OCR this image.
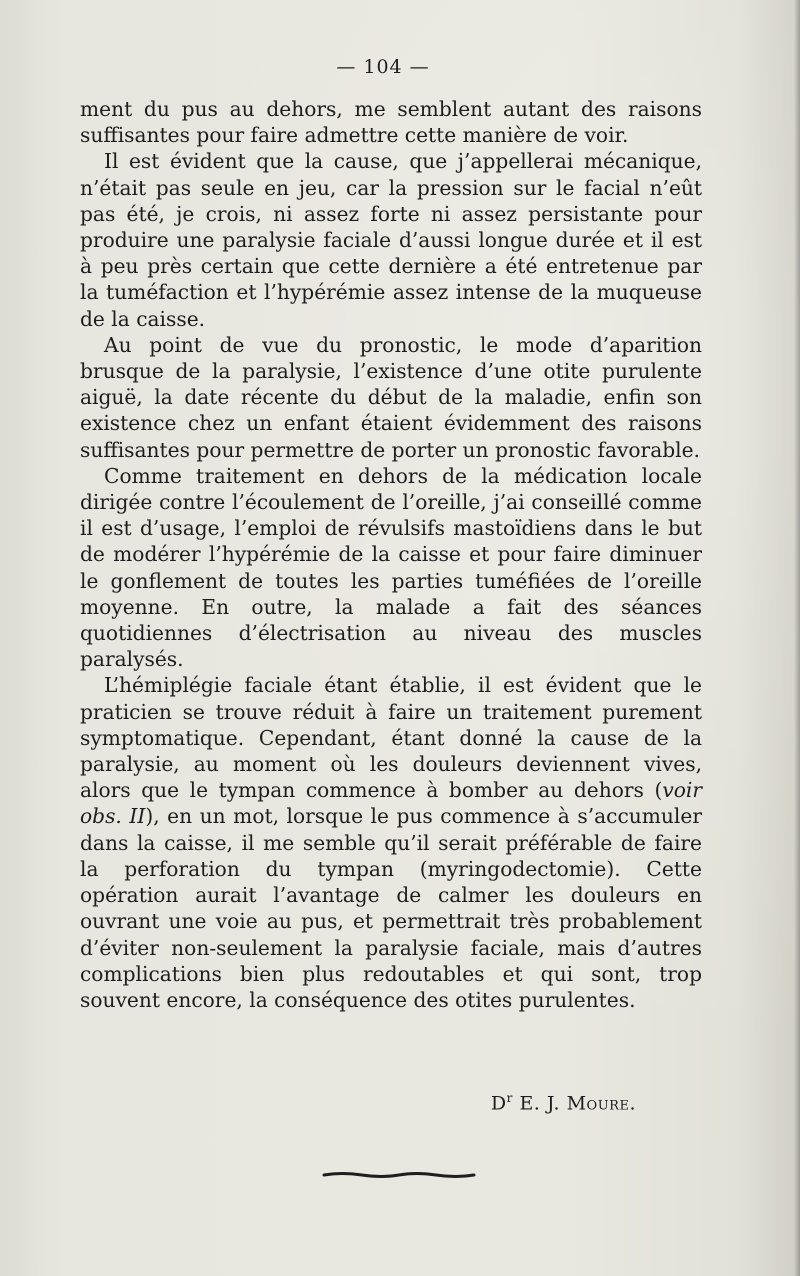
— 104 —

ment du pus au dehors, me semblent autant des raisons suffisantes pour faire admettre cette manière de voir.

Il est évident que la cause, que j’appellerai mécanique, n’était pas seule en jeu, car la pression sur le facial n’eût pas été, je crois, ni assez forte ni assez persistante pour produire une paralysie faciale d’aussi longue durée et il est à peu près certain que cette dernière a été entretenue par la tuméfaction et l’hypérémie assez intense de la muqueuse de la caisse.

Au point de vue du pronostic, le mode d’aparition brusque de la paralysie, l’existence d’une otite purulente aiguë, la date récente du début de la maladie, enfin son existence chez un enfant étaient évidemment des raisons suffisantes pour permettre de porter un pronostic favorable.

Comme traitement en dehors de la médication locale dirigée contre l’écoulement de l’oreille, j’ai conseillé comme il est d’usage, l’emploi de révulsifs mastoïdiens dans le but de modérer l’hypérémie de la caisse et pour faire diminuer le gonflement de toutes les parties tuméfiées de l’oreille moyenne. En outre, la malade a fait des séances quotidiennes d’électrisation au niveau des muscles paralysés.

L’hémiplégie faciale étant établie, il est évident que le praticien se trouve réduit à faire un traitement purement symptomatique. Cependant, étant donné la cause de la paralysie, au moment où les douleurs deviennent vives, alors que le tympan commence à bomber au dehors (voir obs. II), en un mot, lorsque le pus commence à s’accumuler dans la caisse, il me semble qu’il serait préférable de faire la perforation du tympan (myringodectomie). Cette opération aurait l’avantage de calmer les douleurs en ouvrant une voie au pus, et permettrait très probablement d’éviter non-seulement la paralysie faciale, mais d’autres complications bien plus redoutables et qui sont, trop souvent encore, la conséquence des otites purulentes.

$D^r$ E. J. Moure.
